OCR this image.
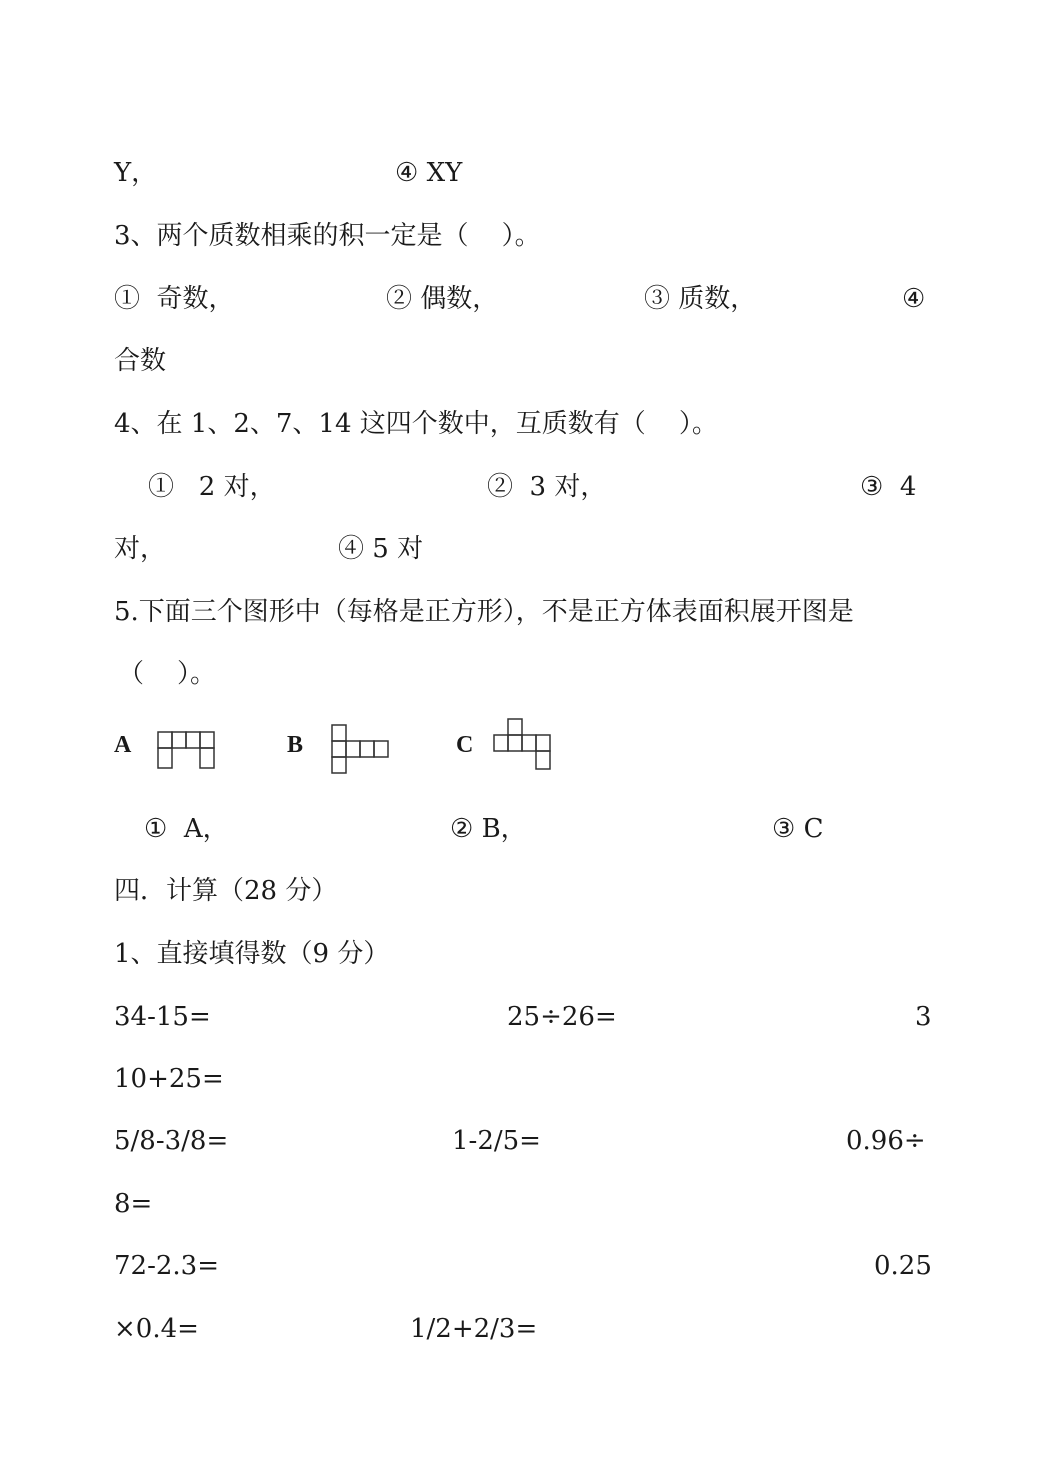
Y，	④ XY
3、两个质数相乘的积一定是（    ）。
①  奇数，	② 偶数，	③ 质数，	④
合数
4、在 1、2、7、14 这四个数中，互质数有（    ）。
①   2 对，	②  3 对，	③  4
对，	④ 5 对
5.下面三个图形中（每格是正方形），不是正方体表面积展开图是
（    ）。
A	B	C
①  A，	② B，	③ C
四．计算（28 分）
1、直接填得数（9 分）
34-15=	25÷26=	3
10+25=
5/8-3/8=	1-2/5=	0.96÷
8=
72-2.3=	0.25
×0.4=	1/2+2/3=
